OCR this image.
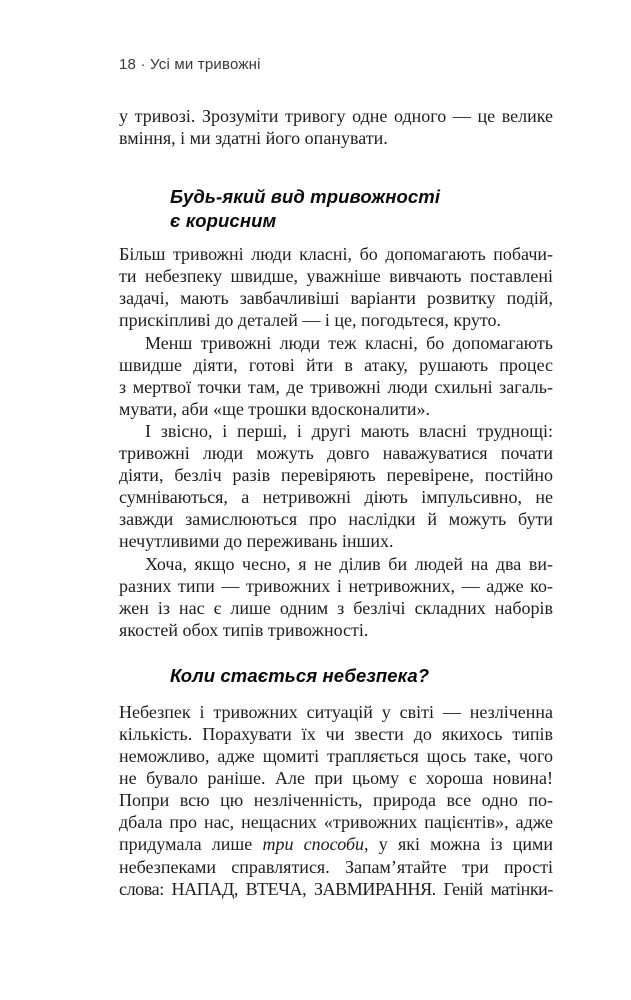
18 · Усі ми тривожні
у тривозі. Зрозуміти тривогу одне одного — це велике
вміння, і ми здатні його опанувати.
Будь-який вид тривожності
є корисним
Більш тривожні люди класні, бо допомагають побачи-
ти небезпеку швидше, уважніше вивчають поставлені
задачі, мають завбачливіші варіанти розвитку подій,
прискіпливі до деталей — і це, погодьтеся, круто.
Менш тривожні люди теж класні, бо допомагають
швидше діяти, готові йти в атаку, рушають процес
з мертвої точки там, де тривожні люди схильні загаль-
мувати, аби «ще трошки вдосконалити».
І звісно, і перші, і другі мають власні труднощі:
тривожні люди можуть довго наважуватися почати
діяти, безліч разів перевіряють перевірене, постійно
сумніваються, а нетривожні діють імпульсивно, не
завжди замислюються про наслідки й можуть бути
нечутливими до переживань інших.
Хоча, якщо чесно, я не ділив би людей на два ви-
разних типи — тривожних і нетривожних, — адже ко-
жен із нас є лише одним з безлічі складних наборів
якостей обох типів тривожності.
Коли стається небезпека?
Небезпек і тривожних ситуацій у світі — незліченна
кількість. Порахувати їх чи звести до якихось типів
неможливо, адже щомиті трапляється щось таке, чого
не бувало раніше. Але при цьому є хороша новина!
Попри всю цю незліченність, природа все одно по-
дбала про нас, нещасних «тривожних пацієнтів», адже
придумала лише три способи, у які можна із цими
небезпеками справлятися. Запам’ятайте три прості
слова: НАПАД, ВТЕЧА, ЗАВМИРАННЯ. Геній матінки-
